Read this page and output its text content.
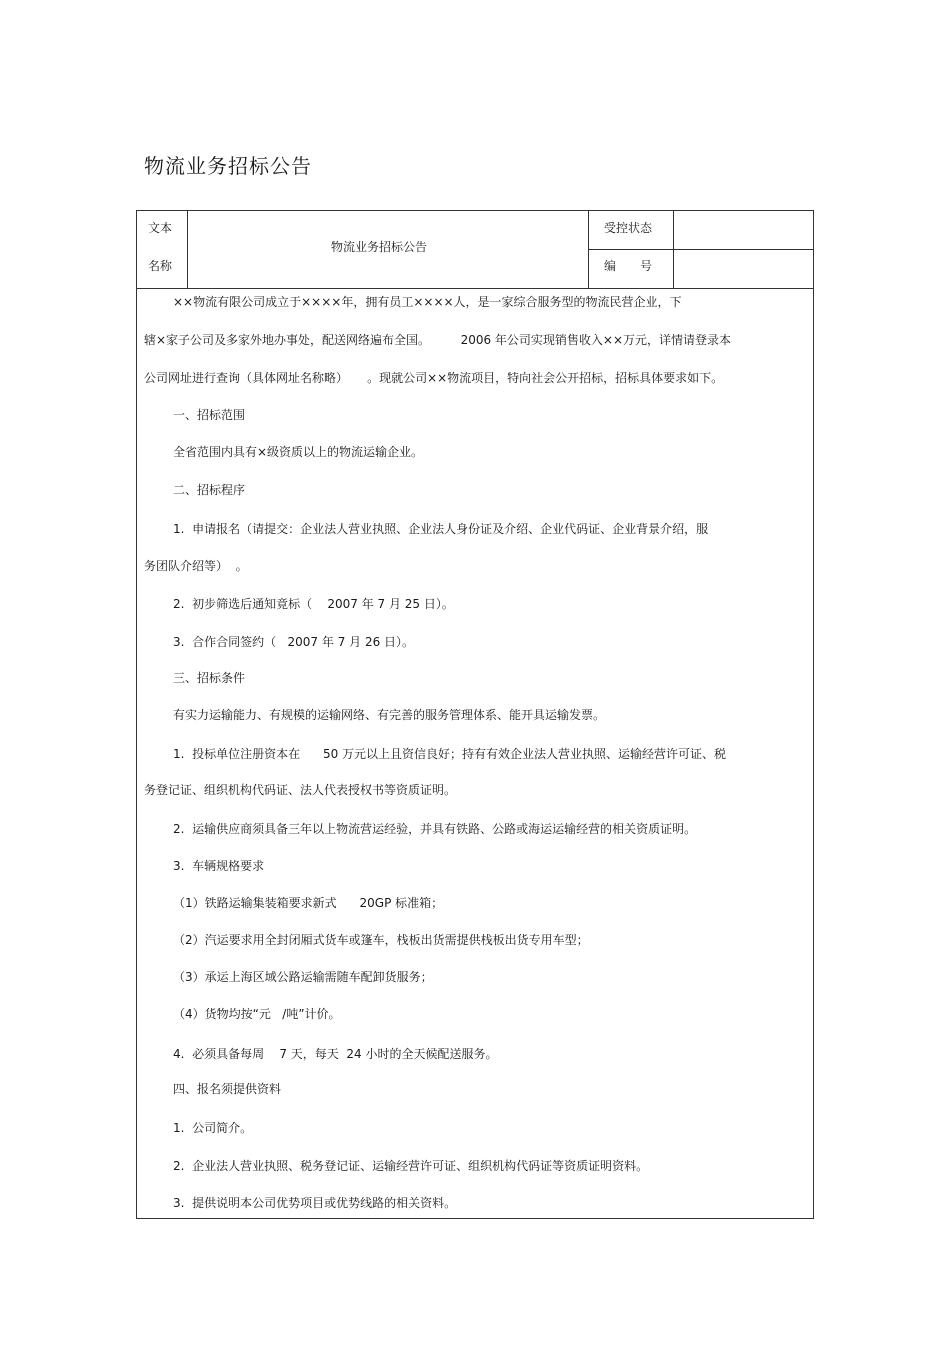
物流业务招标公告
文本
名称
物流业务招标公告
受控状态
编　　号
××物流有限公司成立于××××年，拥有员工××××人，是一家综合服务型的物流民营企业，下
辖×家子公司及多家外地办事处，配送网络遍布全国。        2006 年公司实现销售收入××万元，详情请登录本
公司网址进行查询（具体网址名称略）     。现就公司××物流项目，特向社会公开招标，招标具体要求如下。
一、招标范围
全省范围内具有×级资质以上的物流运输企业。
二、招标程序
1.  申请报名（请提交：企业法人营业执照、企业法人身份证及介绍、企业代码证、企业背景介绍，服
务团队介绍等）  。
2.  初步筛选后通知竟标（    2007 年 7 月 25 日）。
3.  合作合同签约（   2007 年 7 月 26 日）。
三、招标条件
有实力运输能力、有规模的运输网络、有完善的服务管理体系、能开具运输发票。
1.  投标单位注册资本在      50 万元以上且资信良好；持有有效企业法人营业执照、运输经营许可证、税
务登记证、组织机构代码证、法人代表授权书等资质证明。
2.  运输供应商须具备三年以上物流营运经验，并具有铁路、公路或海运运输经营的相关资质证明。
3.  车辆规格要求
（1）铁路运输集装箱要求新式      20GP 标准箱；
（2）汽运要求用全封闭厢式货车或篷车，栈板出货需提供栈板出货专用车型；
（3）承运上海区域公路运输需随车配卸货服务；
（4）货物均按“元   /吨”计价。
4.  必须具备每周    7 天，每天  24 小时的全天候配送服务。
四、报名须提供资料
1.  公司简介。
2.  企业法人营业执照、税务登记证、运输经营许可证、组织机构代码证等资质证明资料。
3.  提供说明本公司优势项目或优势线路的相关资料。
